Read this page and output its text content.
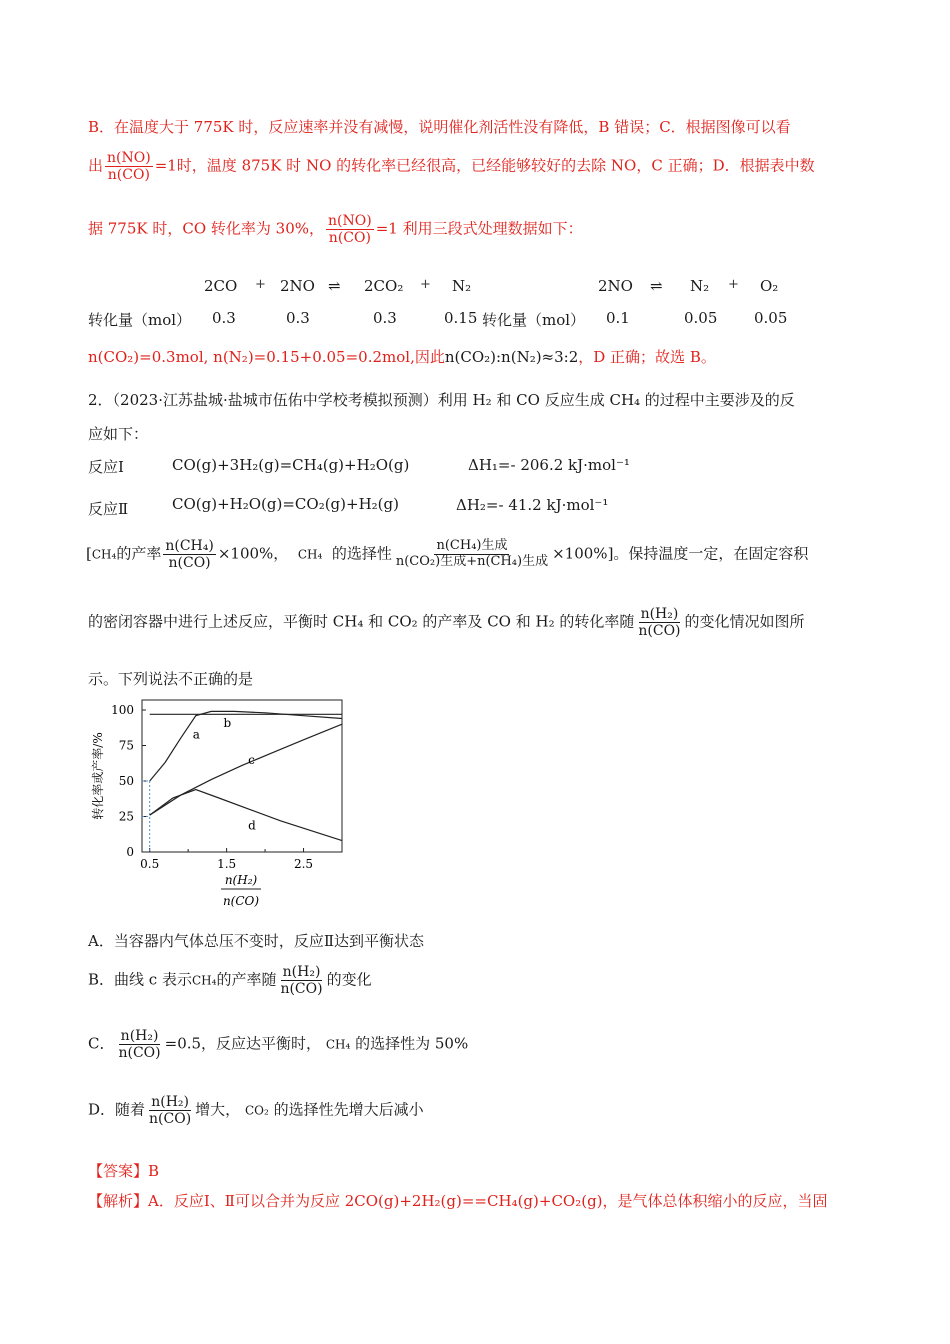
B．在温度大于 775K 时，反应速率并没有减慢，说明催化剂活性没有降低，B 错误；C．根据图像可以看
出 $\frac{n(NO)}{n(CO)} =1$时，温度 875K 时 NO 的转化率已经很高，已经能够较好的去除 NO，C 正确；D．根据表中数
据 775K 时，CO 转化率为 30%， $\frac{n(NO)}{n(CO)} =1$ 利用三段式处理数据如下：
2CO + 2NO ⇌ 2CO₂ + N₂	2NO ⇌ N₂ + O₂
转化量（mol） 0.3	0.3	0.3	0.15 转化量（mol） 0.1	0.05 0.05
n(CO₂)=0.3mol, n(N₂)=0.15+0.05=0.2mol,因此n(CO₂):n(N₂)≈3:2，D 正确；故选 B。
2．（2023·江苏盐城·盐城市伍佑中学校考模拟预测）利用 H₂ 和 CO 反应生成 CH₄ 的过程中主要涉及的反
应如下：
反应Ⅰ	CO(g)+3H₂(g)=CH₄(g)+H₂O(g)	ΔH₁=- 206.2 kJ·mol⁻¹
反应Ⅱ	CO(g)+H₂O(g)=CO₂(g)+H₂(g)	ΔH₂=- 41.2 kJ·mol⁻¹
[CH₄的产率 $\frac{\text{n(CH₄)}}{n(CO)} \times 100\%$， CH₄ 的选择性 $\frac{\text{n(CH₄)生成}}{\text{n(CO₂)生成+n(CH₄)生成}} \times 100\%$]。保持温度一定，在固定容积
的密闭容器中进行上述反应，平衡时 CH₄ 和 CO₂ 的产率及 CO 和 H₂ 的转化率随 $\frac{\text{n(H₂)}}{n(CO)}$ 的变化情况如图所
示。下列说法不正确的是
100
75
50
25
0
0.5	1.5	2.5
a
b
c
d
转化率或产率/%
n(H₂)
n(CO)
A．当容器内气体总压不变时，反应Ⅱ达到平衡状态
B．曲线 c 表示CH₄的产率随 $\frac{\text{n(H₂)}}{n(CO)}$ 的变化
C． $\frac{\text{n(H₂)}}{n(CO)} =0.5$，反应达平衡时， CH₄ 的选择性为 50%
D．随着 $\frac{\text{n(H₂)}}{n(CO)}$ 增大， CO₂ 的选择性先增大后减小
【答案】B
【解析】A．反应Ⅰ、Ⅱ可以合并为反应 2CO(g)+2H₂(g)==CH₄(g)+CO₂(g)，是气体总体积缩小的反应，当固
